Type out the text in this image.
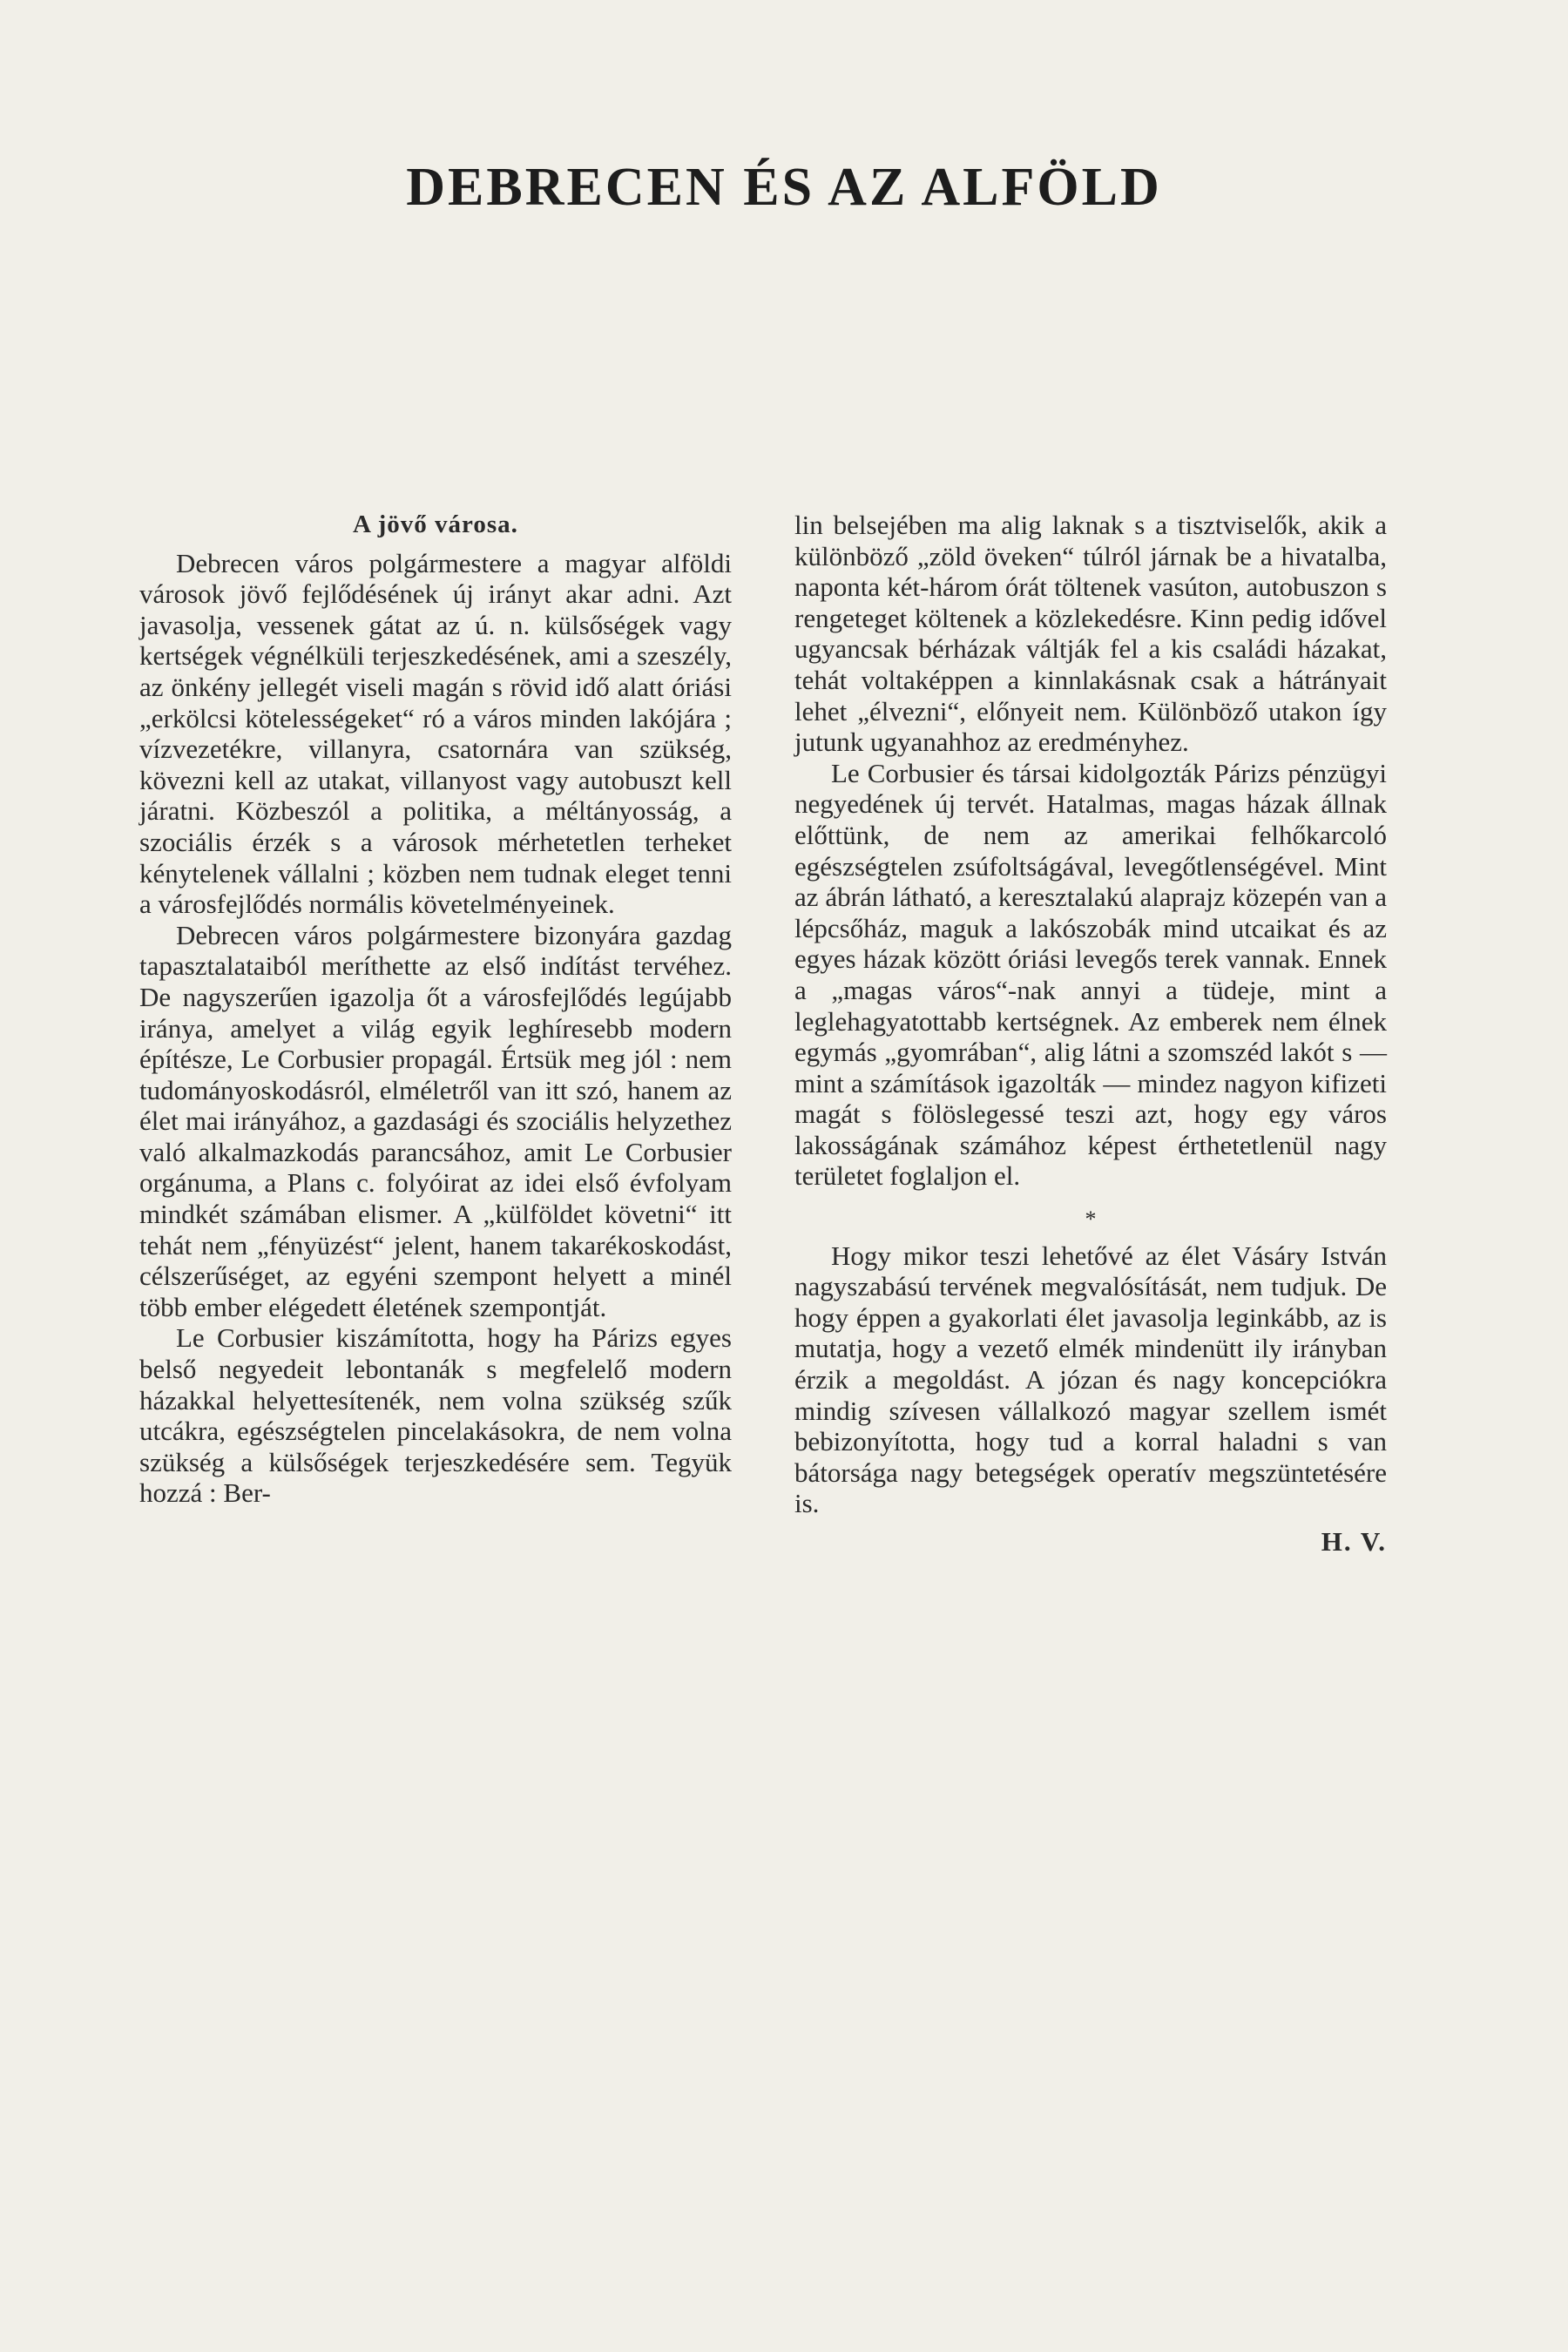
DEBRECEN ÉS AZ ALFÖLD
A jövő városa.

Debrecen város polgármestere a magyar alföldi városok jövő fejlődésének új irányt akar adni. Azt javasolja, vessenek gátat az ú. n. külsőségek vagy kertségek végnélküli terjeszkedésének, ami a szeszély, az önkény jellegét viseli magán s rövid idő alatt óriási „erkölcsi kötelességeket“ ró a város minden lakójára ; vízvezetékre, villanyra, csatornára van szükség, kövezni kell az utakat, villanyost vagy autobuszt kell járatni. Közbeszól a politika, a méltányosság, a szociális érzék s a városok mérhetetlen terheket kénytelenek vállalni ; közben nem tudnak eleget tenni a városfejlődés normális követelményeinek.

Debrecen város polgármestere bizonyára gazdag tapasztalataiból meríthette az első indítást tervéhez. De nagyszerűen igazolja őt a városfejlődés legújabb iránya, amelyet a világ egyik leghíresebb modern építésze, Le Corbusier propagál. Értsük meg jól : nem tudományoskodásról, elméletről van itt szó, hanem az élet mai irányához, a gazdasági és szociális helyzethez való alkalmazkodás parancsához, amit Le Corbusier orgánuma, a Plans c. folyóirat az idei első évfolyam mindkét számában elismer. A „külföldet követni“ itt tehát nem „fényüzést“ jelent, hanem takarékoskodást, célszerűséget, az egyéni szempont helyett a minél több ember elégedett életének szempontját.

Le Corbusier kiszámította, hogy ha Párizs egyes belső negyedeit lebontanák s megfelelő modern házakkal helyettesítenék, nem volna szükség szűk utcákra, egészségtelen pincelakásokra, de nem volna szükség a külsőségek terjeszkedésére sem. Tegyük hozzá : Ber-

lin belsejében ma alig laknak s a tisztviselők, akik a különböző „zöld öveken“ túlról járnak be a hivatalba, naponta két-három órát töltenek vasúton, autobuszon s rengeteget költenek a közlekedésre. Kinn pedig idővel ugyancsak bérházak váltják fel a kis családi házakat, tehát voltaképpen a kinnlakásnak csak a hátrányait lehet „élvezni“, előnyeit nem. Különböző utakon így jutunk ugyanahhoz az eredményhez.

Le Corbusier és társai kidolgozták Párizs pénzügyi negyedének új tervét. Hatalmas, magas házak állnak előttünk, de nem az amerikai felhőkarcoló egészségtelen zsúfoltságával, levegőtlenségével. Mint az ábrán látható, a keresztalakú alaprajz közepén van a lépcsőház, maguk a lakószobák mind utcaikat és az egyes házak között óriási levegős terek vannak. Ennek a „magas város“-nak annyi a tüdeje, mint a leglehagyatottabb kertségnek. Az emberek nem élnek egymás „gyomrában“, alig látni a szomszéd lakót s — mint a számítások igazolták — mindez nagyon kifizeti magát s fölöslegessé teszi azt, hogy egy város lakosságának számához képest érthetetlenül nagy területet foglaljon el.

*

Hogy mikor teszi lehetővé az élet Vásáry István nagyszabású tervének megvalósítását, nem tudjuk. De hogy éppen a gyakorlati élet javasolja leginkább, az is mutatja, hogy a vezető elmék mindenütt ily irányban érzik a megoldást. A józan és nagy koncepciókra mindig szívesen vállalkozó magyar szellem ismét bebizonyította, hogy tud a korral haladni s van bátorsága nagy betegségek operatív megszüntetésére is.

H. V.
